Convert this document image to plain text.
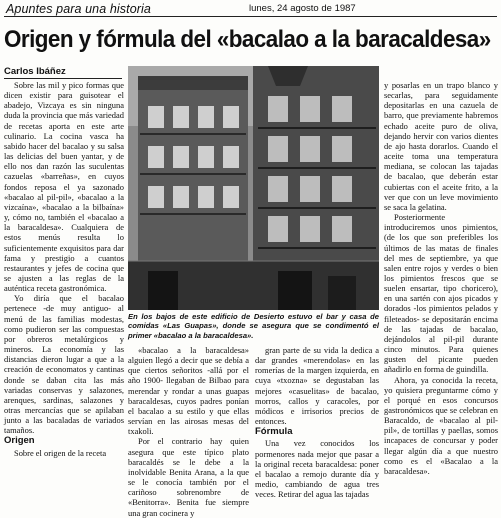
Apuntes para una historia	lunes, 24 agosto de 1987
Origen y fórmula del «bacalao a la baracaldesa»
Carlos Ibáñez

Sobre las mil y pico formas que dicen existir para guisotear el abadejo, Vizcaya es sin ninguna duda la provincia que más variedad de recetas aporta en este arte culinario. La cocina vasca ha sabido hacer del bacalao y su salsa las delicias del buen yantar, y de ello nos dan razón las suculentas cazuelas «barreñas», en cuyos fondos reposa el ya sazonado «bacalao al pil-pil», «bacalao a la vizcaína», «bacalao a la bilbaína» y, cómo no, también el «bacalao a la baracaldesa». Cualquiera de estos menús resulta lo suficientemente exquisitos para dar fama y prestigio a cuantos restaurantes y jefes de cocina que se ajusten a las reglas de la auténtica receta gastronómica.

Yo diría que el bacalao pertenece -de muy antiguo- al menú de las familias modestas, como pudieron ser las compuestas por obreros metalúrgicos y mineros. La economía y las distancias dieron lugar a que a la creación de economatos y cantinas donde se daban cita las más variadas conservas y salazones, arenques, sardinas, salazones y otras mercancías que se apilaban junto a las bacaladas de variados tamaños.

Origen

Sobre el origen de la receta

En los bajos de este edificio de Desierto estuvo el bar y casa de comidas «Las Guapas», donde se asegura que se condimentó el primer «bacalao a la baracaldesa».

«bacalao a la baracaldesa» alguien llegó a decir que se debía a que ciertos señoritos -allá por el año 1900- llegaban de Bilbao para merendar y rondar a unas guapas baracaldesas, cuyos padres ponían el bacalao a su estilo y que ellas servían en las airosas mesas del txakoli.

Por el contrario hay quien asegura que este típico plato baracaldés se le debe a la inolvidable Benita Arana, a la que se le conocía también por el cariñoso sobrenombre de «Benitorra». Benita fue siempre una gran cocinera y

gran parte de su vida la dedica a dar grandes «merendolas» en las romerías de la margen izquierda, en cuya «txozna» se degustaban las mejores «casuelitas» de bacalao, morros, callos y caracoles, por módicos e irrisorios precios de entonces.

Fórmula

Una vez conocidos los pormenores nada mejor que pasar a la original receta baracaldesa: poner el bacalao a remojo durante día y medio, cambiando de agua tres veces. Retirar del agua las tajadas

y posarlas en un trapo blanco y secarlas, para seguidamente depositarlas en una cazuela de barro, que previamente habremos echado aceite puro de oliva, dejando hervir con varios dientes de ajo hasta dorarlos. Cuando el aceite toma una temperatura mediana, se colocan las tajadas de bacalao, que deberán estar cubiertas con el aceite frito, a la ver que con un leve movimiento se saca la gelatina.

Posteriormente introduciremos unos pimientos, (de los que son preferibles los últimos de las matas de finales del mes de septiembre, ya que salen entre rojos y verdes o bien los pimientos frescos que se suelen ensartar, tipo choricero), en una sartén con ajos picados y dorados -los pimientos pelados y fileteados- se depositarán encima de las tajadas de bacalao, dejándolos al pil-pil durante cinco minutos. Para quienes gusten del picante pueden añadirlo en forma de guindilla.

Ahora, ya conocida la receta, yo quisiera preguntarme cómo y el porqué en esos concursos gastronómicos que se celebran en Baracaldo, de «bacalao al pil-pil», de tortillas y paellas, somos incapaces de concursar y poder llegar algún día a que nuestro como es el «Bacalao a la baracaldesa».
